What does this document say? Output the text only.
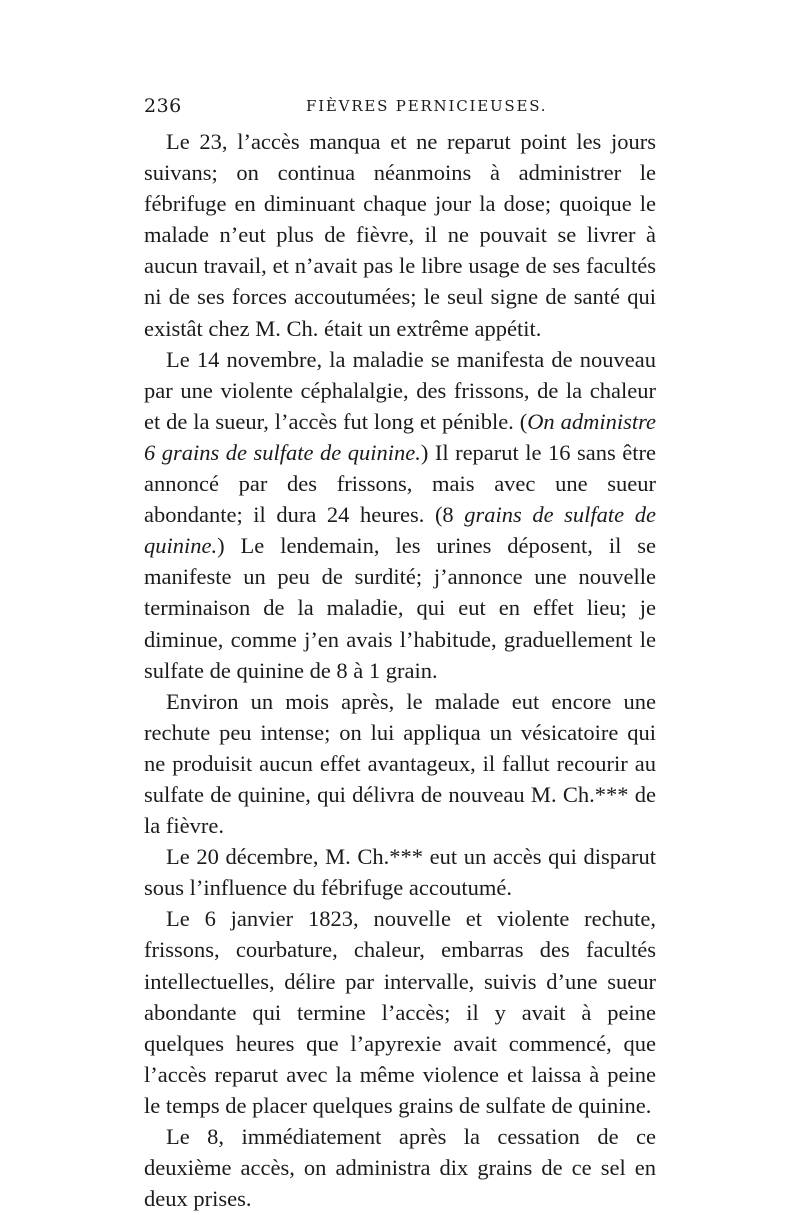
236	FIÈVRES PERNICIEUSES.

Le 23, l’accès manqua et ne reparut point les jours suivans; on continua néanmoins à administrer le fébrifuge en diminuant chaque jour la dose; quoique le malade n’eut plus de fièvre, il ne pouvait se livrer à aucun travail, et n’avait pas le libre usage de ses facultés ni de ses forces accoutumées; le seul signe de santé qui existât chez M. Ch. était un extrême appétit.

Le 14 novembre, la maladie se manifesta de nouveau par une violente céphalalgie, des frissons, de la chaleur et de la sueur, l’accès fut long et pénible. (On administre 6 grains de sulfate de quinine.) Il reparut le 16 sans être annoncé par des frissons, mais avec une sueur abondante; il dura 24 heures. (8 grains de sulfate de quinine.) Le lendemain, les urines déposent, il se manifeste un peu de surdité; j’annonce une nouvelle terminaison de la maladie, qui eut en effet lieu; je diminue, comme j’en avais l’habitude, graduellement le sulfate de quinine de 8 à 1 grain.

Environ un mois après, le malade eut encore une rechute peu intense; on lui appliqua un vésicatoire qui ne produisit aucun effet avantageux, il fallut recourir au sulfate de quinine, qui délivra de nouveau M. Ch.*** de la fièvre.

Le 20 décembre, M. Ch.*** eut un accès qui disparut sous l’influence du fébrifuge accoutumé.

Le 6 janvier 1823, nouvelle et violente rechute, frissons, courbature, chaleur, embarras des facultés intellectuelles, délire par intervalle, suivis d’une sueur abondante qui termine l’accès; il y avait à peine quelques heures que l’apyrexie avait commencé, que l’accès reparut avec la même violence et laissa à peine le temps de placer quelques grains de sulfate de quinine.

Le 8, immédiatement après la cessation de ce deuxième accès, on administra dix grains de ce sel en deux prises.
